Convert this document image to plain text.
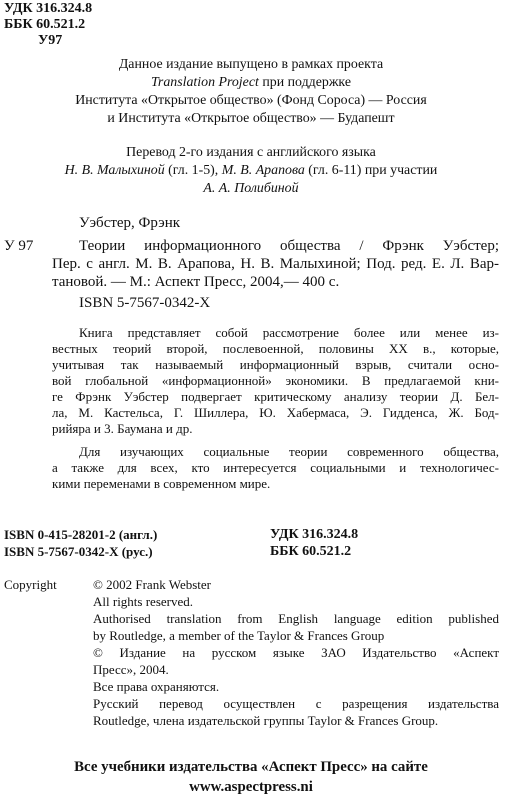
УДК 316.324.8
ББК 60.521.2
У97
Данное издание выпущено в рамках проекта
Translation Project при поддержке
Института «Открытое общество» (Фонд Сороса) — Россия
и Института «Открытое общество» — Будапешт
Перевод 2-го издания с английского языка
Н. В. Малыхиной (гл. 1-5), М. В. Арапова (гл. 6-11) при участии
А. А. Полибиной
Уэбстер, Фрэнк
У 97	Теории информационного общества / Фрэнк Уэбстер;
Пер. с англ. М. В. Арапова, Н. В. Малыхиной; Под. ред. Е. Л. Вар-
тановой. — М.: Аспект Пресс, 2004,— 400 с.
ISBN 5-7567-0342-X
Книга представляет собой рассмотрение более или менее из-
вестных теорий второй, послевоенной, половины XX в., которые,
учитывая так называемый информационный взрыв, считали осно-
вой глобальной «информационной» экономики. В предлагаемой кни-
ге Фрэнк Уэбстер подвергает критическому анализу теории Д. Бел-
ла, М. Кастельса, Г. Шиллера, Ю. Хабермаса, Э. Гидденса, Ж. Бод-
рийяра и 3. Баумана и др.
Для изучающих социальные теории современного общества,
а также для всех, кто интересуется социальными и технологичес-
кими переменами в современном мире.
ISBN 0-415-28201-2 (англ.)
ISBN 5-7567-0342-X (рус.)
УДК 316.324.8
ББК 60.521.2
Copyright	© 2002 Frank Webster
All rights reserved.
Authorised translation from English language edition published
by Routledge, a member of the Taylor & Frances Group
© Издание на русском языке ЗАО Издательство «Аспект
Пресс», 2004.
Все права охраняются.
Русский перевод осуществлен с разрещения издательства
Routledge, члена издательской группы Taylor & Frances Group.
Все учебники издательства «Аспект Пресс» на сайте
www.aspectpress.ni
